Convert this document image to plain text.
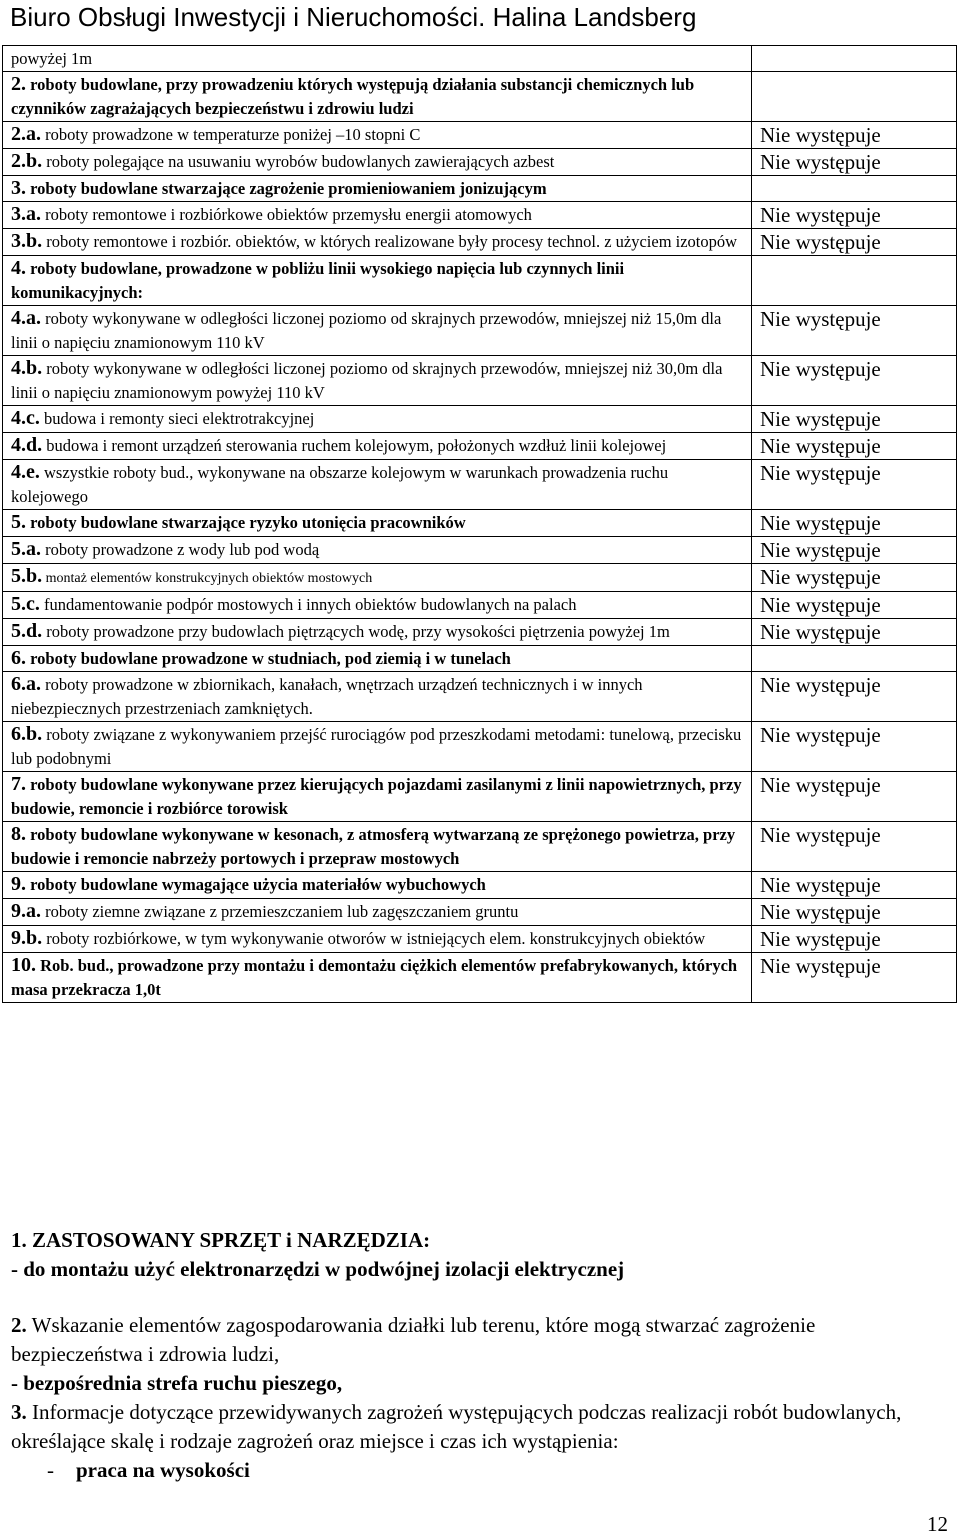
Biuro Obsługi Inwestycji i Nieruchomości. Halina Landsberg
powyżej 1m	
2. roboty budowlane, przy prowadzeniu których występują działania substancji chemicznych lub czynników zagrażających bezpieczeństwu i zdrowiu ludzi	
2.a. roboty prowadzone w temperaturze poniżej –10 stopni C	Nie występuje
2.b. roboty polegające na usuwaniu wyrobów budowlanych zawierających azbest	Nie występuje
3. roboty budowlane stwarzające zagrożenie promieniowaniem jonizującym	
3.a. roboty remontowe i rozbiórkowe obiektów przemysłu energii atomowych	Nie występuje
3.b. roboty remontowe i rozbiór. obiektów, w których realizowane były procesy technol. z użyciem izotopów	Nie występuje
4. roboty budowlane, prowadzone w pobliżu linii wysokiego napięcia lub czynnych linii komunikacyjnych:	
4.a. roboty wykonywane w odległości liczonej poziomo od skrajnych przewodów, mniejszej niż 15,0m dla linii o napięciu znamionowym 110 kV	Nie występuje
4.b. roboty wykonywane w odległości liczonej poziomo od skrajnych przewodów, mniejszej niż 30,0m dla linii o napięciu znamionowym powyżej 110 kV	Nie występuje
4.c. budowa i remonty sieci elektrotrakcyjnej	Nie występuje
4.d. budowa i remont urządzeń sterowania ruchem kolejowym, położonych wzdłuż linii kolejowej	Nie występuje
4.e. wszystkie roboty bud., wykonywane na obszarze kolejowym w warunkach prowadzenia ruchu kolejowego	Nie występuje
5. roboty budowlane stwarzające ryzyko utonięcia pracowników	Nie występuje
5.a. roboty prowadzone z wody lub pod wodą	Nie występuje
5.b. montaż elementów konstrukcyjnych obiektów mostowych	Nie występuje
5.c. fundamentowanie podpór mostowych i innych obiektów budowlanych na palach	Nie występuje
5.d. roboty prowadzone przy budowlach piętrzących wodę, przy wysokości piętrzenia powyżej 1m	Nie występuje
6. roboty budowlane prowadzone w studniach, pod ziemią i w tunelach	
6.a. roboty prowadzone w zbiornikach, kanałach, wnętrzach urządzeń technicznych i w innych niebezpiecznych przestrzeniach zamkniętych.	Nie występuje
6.b. roboty związane z wykonywaniem przejść rurociągów pod przeszkodami metodami: tunelową, przecisku lub podobnymi	Nie występuje
7. roboty budowlane wykonywane przez kierujących pojazdami zasilanymi z linii napowietrznych, przy budowie, remoncie i rozbiórce torowisk	Nie występuje
8. roboty budowlane wykonywane w kesonach, z atmosferą wytwarzaną ze sprężonego powietrza, przy budowie i remoncie nabrzeży portowych i przepraw mostowych	Nie występuje
9. roboty budowlane wymagające użycia materiałów wybuchowych	Nie występuje
9.a. roboty ziemne związane z przemieszczaniem lub zagęszczaniem gruntu	Nie występuje
9.b. roboty rozbiórkowe, w tym wykonywanie otworów w istniejących elem. konstrukcyjnych obiektów	Nie występuje
10. Rob. bud., prowadzone przy montażu i demontażu ciężkich elementów prefabrykowanych, których masa przekracza 1,0t	Nie występuje
1. ZASTOSOWANY SPRZĘT i NARZĘDZIA:
- do montażu użyć elektronarzędzi w podwójnej izolacji elektrycznej
2. Wskazanie elementów zagospodarowania działki lub terenu, które mogą stwarzać zagrożenie bezpieczeństwa i zdrowia ludzi,
- bezpośrednia strefa ruchu pieszego,
3. Informacje dotyczące przewidywanych zagrożeń występujących podczas realizacji robót budowlanych, określające skalę i rodzaje zagrożeń oraz miejsce i czas ich wystąpienia:
- praca na wysokości
12
